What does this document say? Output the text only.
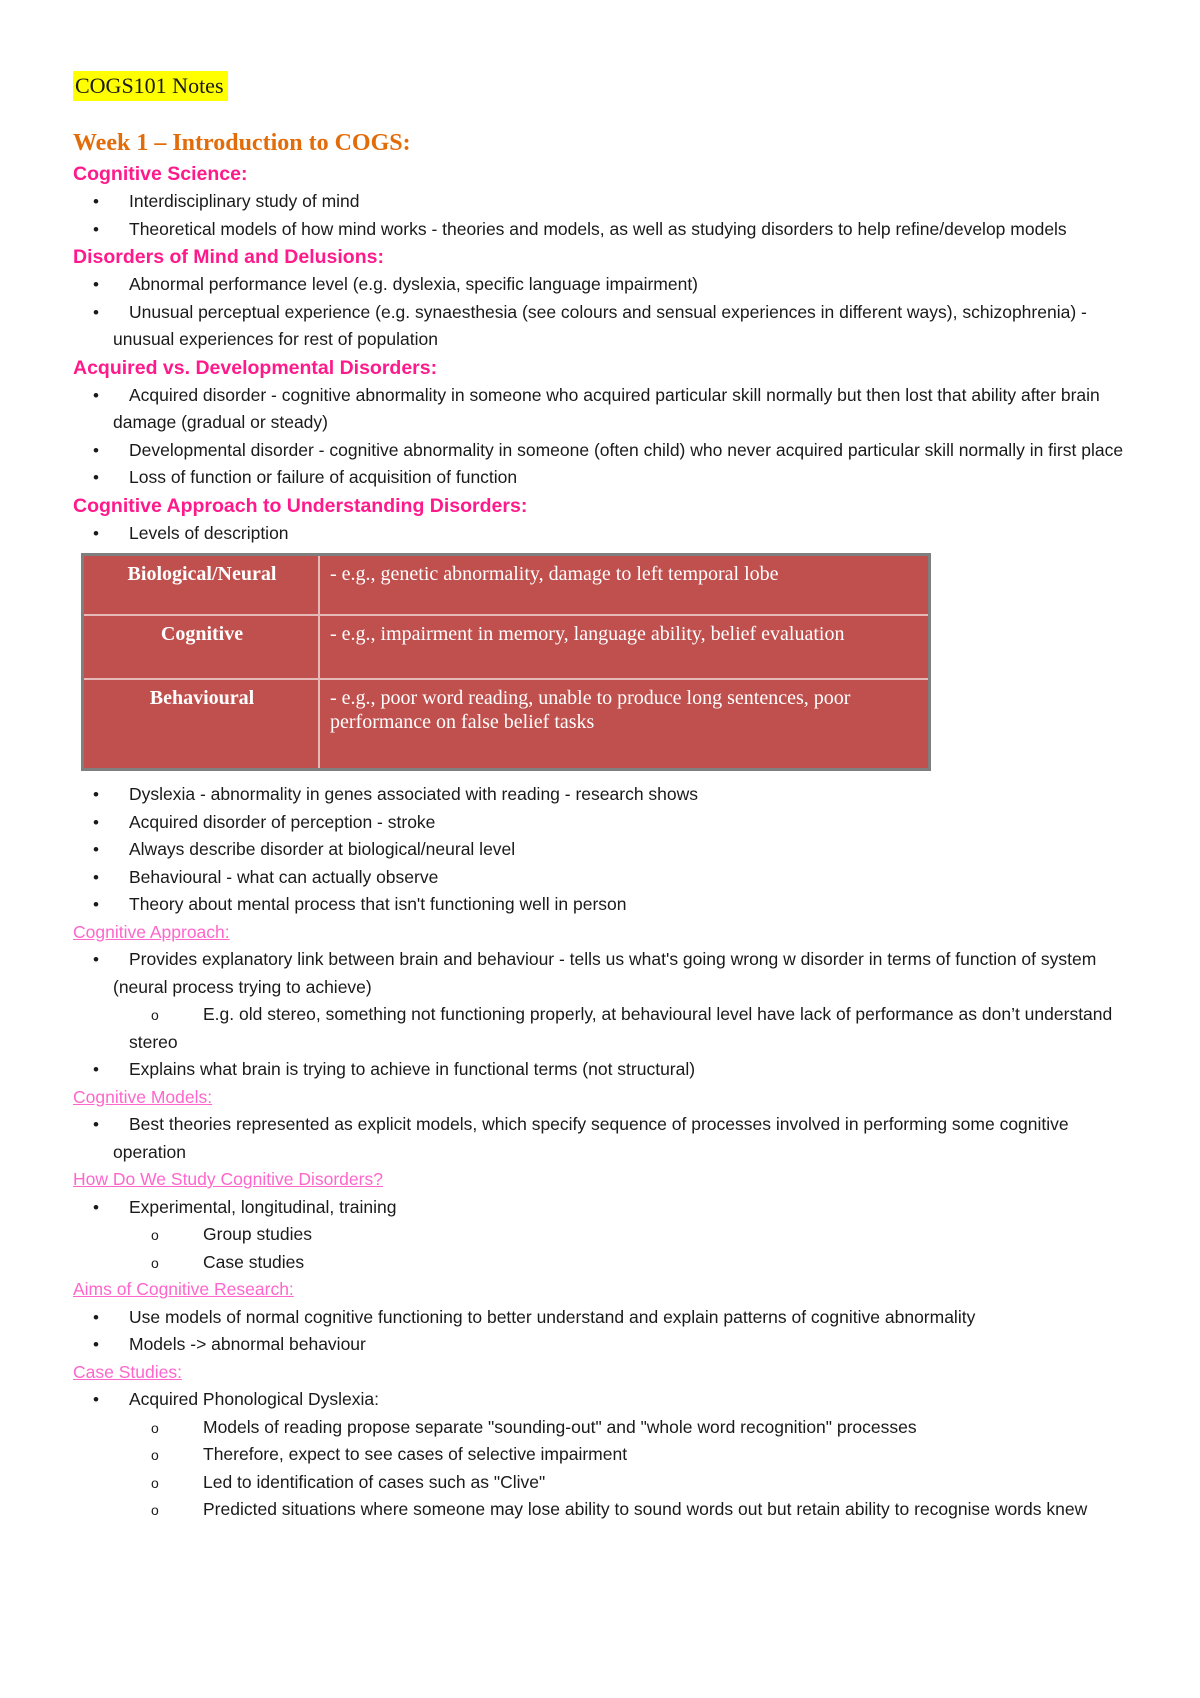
COGS101 Notes
Week 1 – Introduction to COGS:
Cognitive Science:
• Interdisciplinary study of mind
•	Theoretical models of how mind works - theories and models, as well as studying disorders to help refine/develop models
Disorders of Mind and Delusions:
•	Abnormal performance level (e.g. dyslexia, specific language impairment)
•	Unusual perceptual experience (e.g. synaesthesia (see colours and sensual experiences in different ways), schizophrenia) - unusual experiences for rest of population
Acquired vs. Developmental Disorders:
•	Acquired disorder - cognitive abnormality in someone who acquired particular skill normally but then lost that ability after brain damage (gradual or steady)
•	Developmental disorder - cognitive abnormality in someone (often child) who never acquired particular skill normally in first place
•	Loss of function or failure of acquisition of function
Cognitive Approach to Understanding Disorders:
•	Levels of description
Biological/Neural	- e.g., genetic abnormality, damage to left temporal lobe
Cognitive	- e.g., impairment in memory, language ability, belief evaluation
Behavioural	- e.g., poor word reading, unable to produce long sentences, poor performance on false belief tasks
•	Dyslexia - abnormality in genes associated with reading - research shows
•	Acquired disorder of perception - stroke
•	Always describe disorder at biological/neural level
•	Behavioural - what can actually observe
•	Theory about mental process that isn't functioning well in person
Cognitive Approach:
•	Provides explanatory link between brain and behaviour - tells us what's going wrong w disorder in terms of function of system (neural process trying to achieve)
o	E.g. old stereo, something not functioning properly, at behavioural level have lack of performance as don’t understand stereo
•	Explains what brain is trying to achieve in functional terms (not structural)
Cognitive Models:
•	Best theories represented as explicit models, which specify sequence of processes involved in performing some cognitive operation
How Do We Study Cognitive Disorders?
•	Experimental, longitudinal, training
o	Group studies
o	Case studies
Aims of Cognitive Research:
•	Use models of normal cognitive functioning to better understand and explain patterns of cognitive abnormality
•	Models -> abnormal behaviour
Case Studies:
• Acquired Phonological Dyslexia:
o	Models of reading propose separate "sounding-out" and "whole word recognition" processes
o	Therefore, expect to see cases of selective impairment
o	Led to identification of cases such as "Clive"
o	Predicted situations where someone may lose ability to sound words out but retain ability to recognise words knew
